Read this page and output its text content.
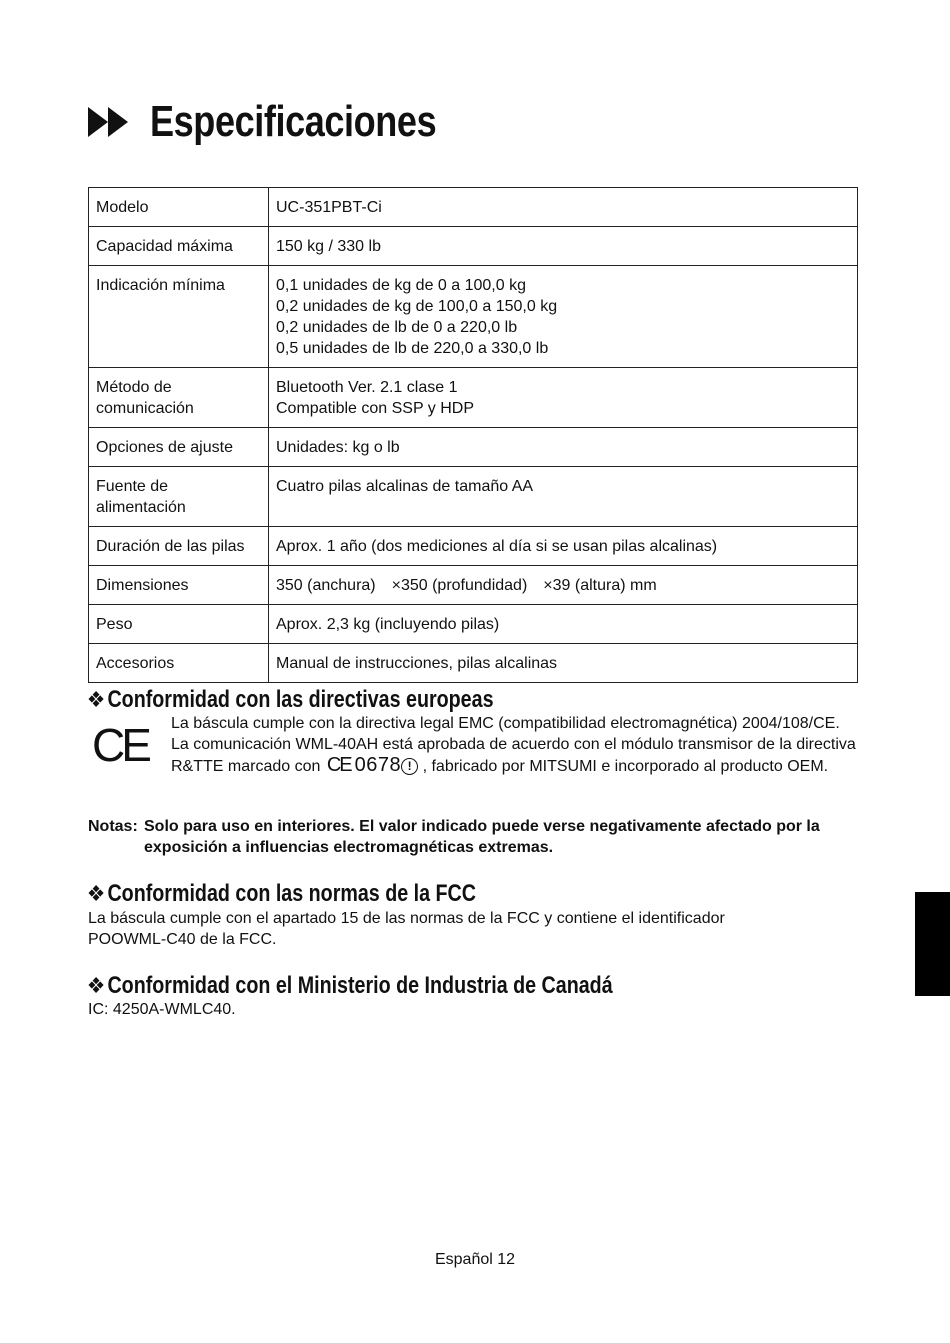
Especificaciones
Modelo	UC-351PBT-Ci

Capacidad máxima	150 kg / 330 lb

Indicación mínima	0,1 unidades de kg de 0 a 100,0 kg
0,2 unidades de kg de 100,0 a 150,0 kg
0,2 unidades de lb de 0 a 220,0 lb
0,5 unidades de lb de 220,0 a 330,0 lb

Método de comunicación	Bluetooth Ver. 2.1 clase 1
Compatible con SSP y HDP

Opciones de ajuste	Unidades: kg o lb

Fuente de alimentación	Cuatro pilas alcalinas de tamaño AA

Duración de las pilas	Aprox. 1 año (dos mediciones al día si se usan pilas alcalinas)

Dimensiones	350 (anchura)　×350 (profundidad)　×39 (altura) mm

Peso	Aprox. 2,3 kg (incluyendo pilas)

Accesorios	Manual de instrucciones, pilas alcalinas
❖ Conformidad con las directivas europeas
CE La báscula cumple con la directiva legal EMC (compatibilidad electromagnética) 2004/108/CE. La comunicación WML-40AH está aprobada de acuerdo con el módulo transmisor de la directiva R&TTE marcado con CE 0678 ! , fabricado por MITSUMI e incorporado al producto OEM.

Notas: Solo para uso en interiores. El valor indicado puede verse negativamente afectado por la exposición a influencias electromagnéticas extremas.
❖ Conformidad con las normas de la FCC

La báscula cumple con el apartado 15 de las normas de la FCC y contiene el identificador POOWML-C40 de la FCC.

❖ Conformidad con el Ministerio de Industria de Canadá

IC: 4250A-WMLC40.

Español 12
